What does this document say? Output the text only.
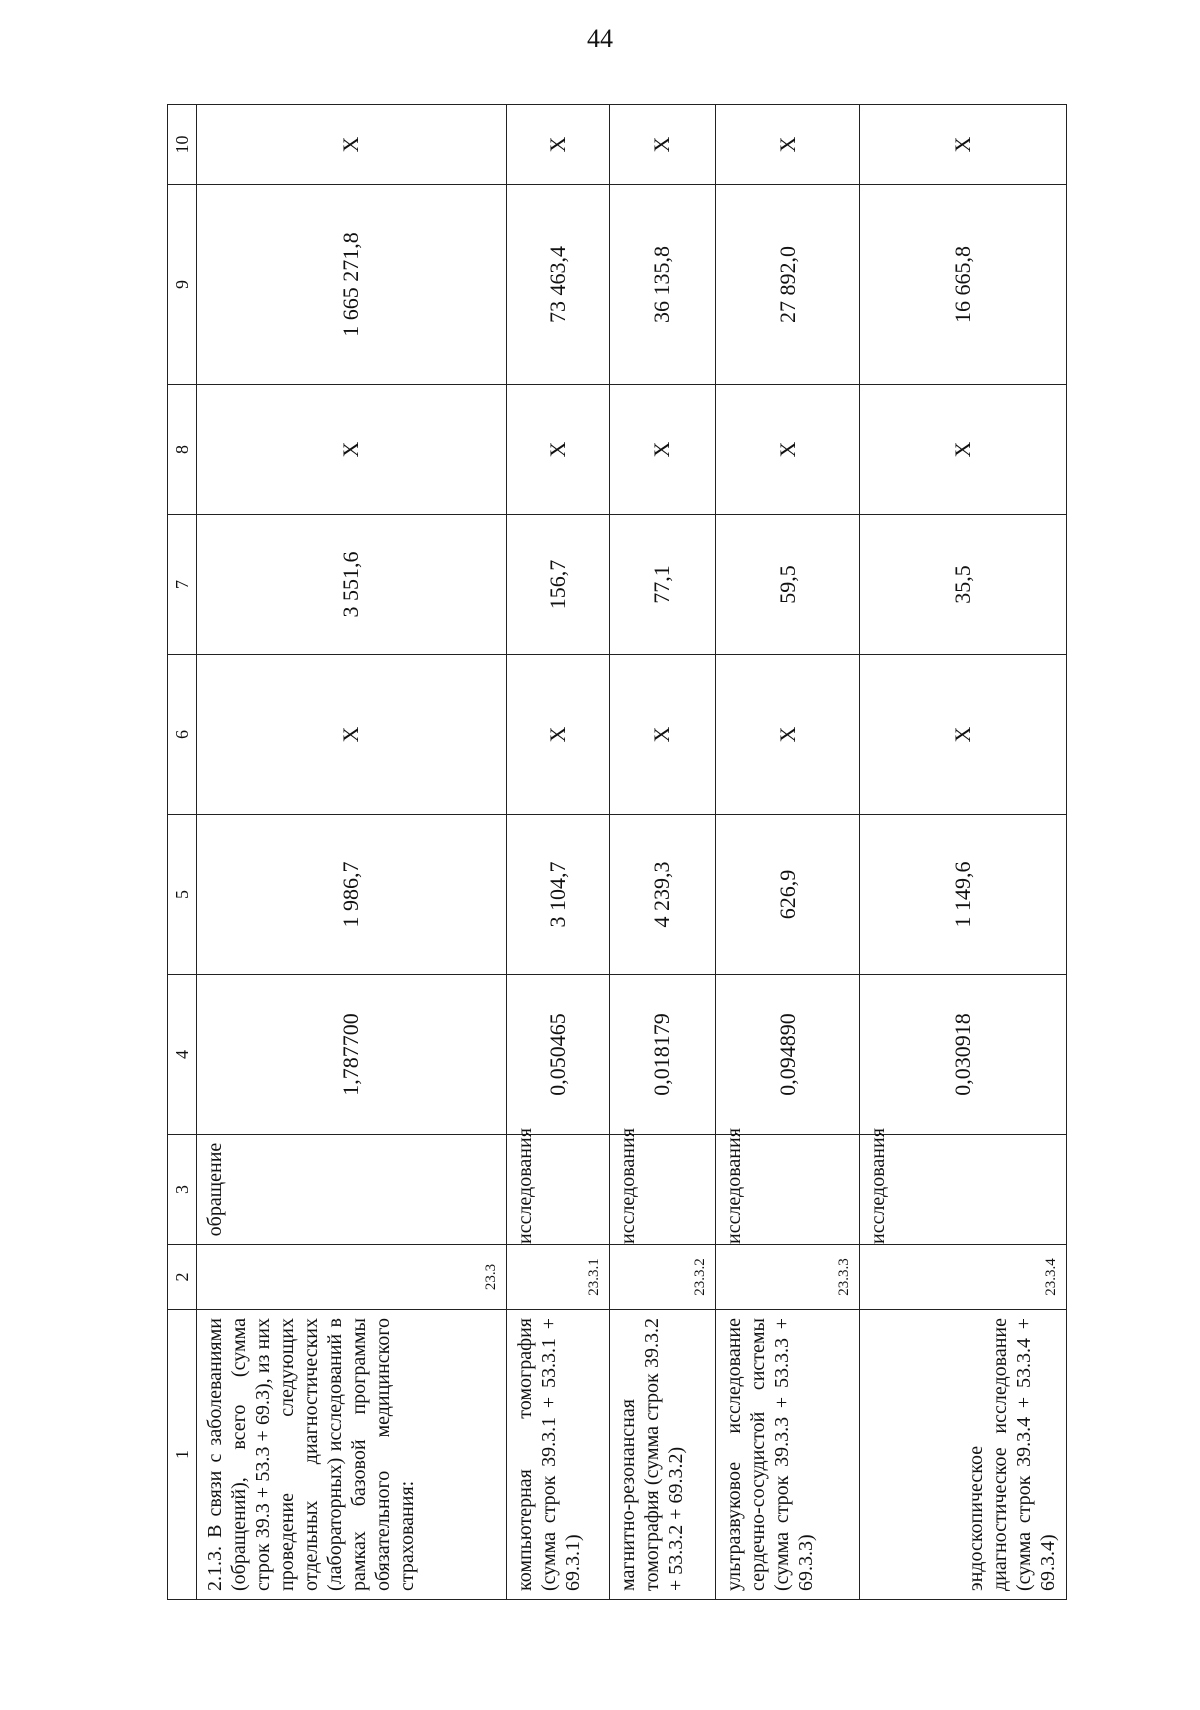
44
1	2	3	4	5	6	7	8	9	10
2.1.3. В связи с заболеваниями (обращений), всего (сумма строк 39.3 + 53.3 + 69.3), из них проведение следующих отдельных диагностических (лабораторных) исследований в рамках базовой программы обязательного медицинского страхования:	23.3	обращение	1,787700	1 986,7	X	3 551,6	X	1 665 271,8	X
компьютерная томография (сумма строк 39.3.1 + 53.3.1 + 69.3.1)	23.3.1	исследования	0,050465	3 104,7	X	156,7	X	73 463,4	X
магнитно-резонансная томография (сумма строк 39.3.2 + 53.3.2 + 69.3.2)	23.3.2	исследования	0,018179	4 239,3	X	77,1	X	36 135,8	X
ультразвуковое исследование сердечно-сосудистой системы (сумма строк 39.3.3 + 53.3.3 + 69.3.3)	23.3.3	исследования	0,094890	626,9	X	59,5	X	27 892,0	X
эндоскопическое диагностическое исследование (сумма строк 39.3.4 + 53.3.4 + 69.3.4)	23.3.4	исследования	0,030918	1 149,6	X	35,5	X	16 665,8	X
